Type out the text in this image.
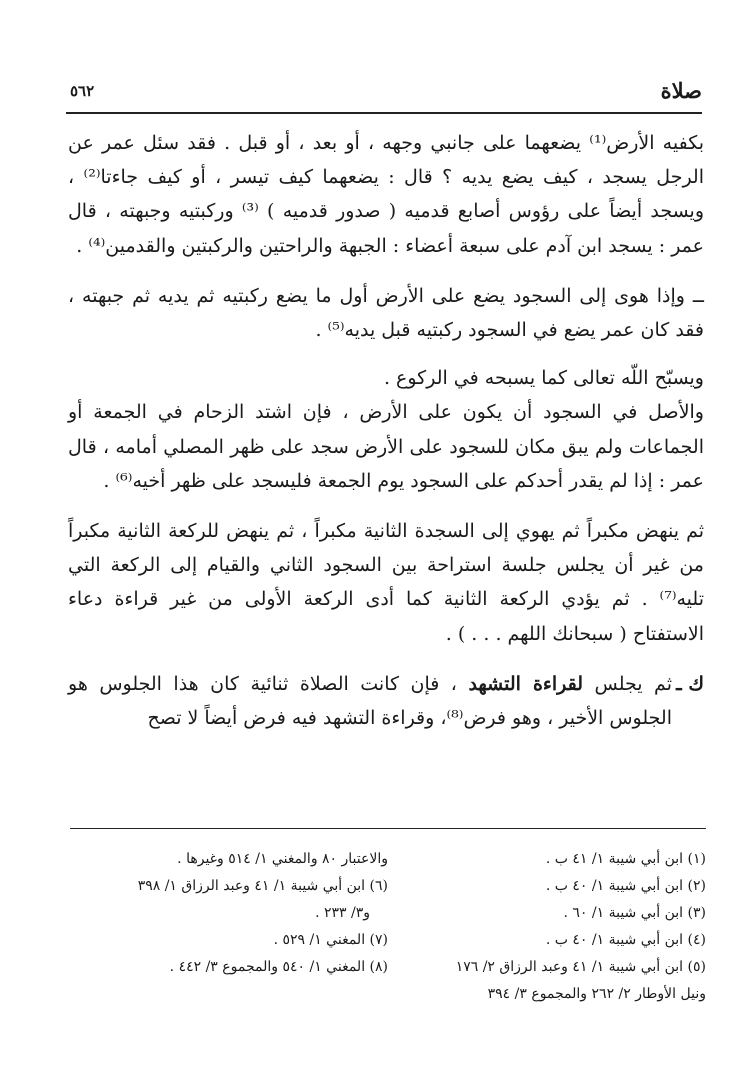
صلاة
٥٦٢

بكفيه الأرض⁽¹⁾ يضعهما على جانبي وجهه ، أو بعد ، أو قبل . فقد سئل عمر عن الرجل يسجد ، كيف يضع يديه ؟ قال : يضعهما كيف تيسر ، أو كيف جاءتا⁽²⁾ ، ويسجد أيضاً على رؤوس أصابع قدميه ( صدور قدميه ) ⁽³⁾ وركبتيه وجبهته ، قال عمر : يسجد ابن آدم على سبعة أعضاء : الجبهة والراحتين والركبتين والقدمين⁽⁴⁾ .

ــ وإذا هوى إلى السجود يضع على الأرض أول ما يضع ركبتيه ثم يديه ثم جبهته ، فقد كان عمر يضع في السجود ركبتيه قبل يديه⁽⁵⁾ .

ويسبّح اللّه تعالى كما يسبحه في الركوع .

والأصل في السجود أن يكون على الأرض ، فإن اشتد الزحام في الجمعة أو الجماعات ولم يبق مكان للسجود على الأرض سجد على ظهر المصلي أمامه ، قال عمر : إذا لم يقدر أحدكم على السجود يوم الجمعة فليسجد على ظهر أخيه⁽⁶⁾ .

ثم ينهض مكبراً ثم يهوي إلى السجدة الثانية مكبراً ، ثم ينهض للركعة الثانية مكبراً من غير أن يجلس جلسة استراحة بين السجود الثاني والقيام إلى الركعة التي تليه⁽⁷⁾ . ثم يؤدي الركعة الثانية كما أدى الركعة الأولى من غير قراءة دعاء الاستفتاح ( سبحانك اللهم . . . ) .

ك ـ
ثم يجلس لقراءة التشهد ، فإن كانت الصلاة ثنائية كان هذا الجلوس هو الجلوس الأخير ، وهو فرض⁽⁸⁾، وقراءة التشهد فيه فرض أيضاً لا تصح

(١) ابن أبي شيبة ١/ ٤١ ب .
(٢) ابن أبي شيبة ١/ ٤٠ ب .
(٣) ابن أبي شيبة ١/ ٦٠ .
(٤) ابن أبي شيبة ١/ ٤٠ ب .
(٥) ابن أبي شيبة ١/ ٤١ وعبد الرزاق ٢/ ١٧٦
ونيل الأوطار ٢/ ٢٦٢ والمجموع ٣/ ٣٩٤
والاعتبار ٨٠ والمغني ١/ ٥١٤ وغيرها .
(٦) ابن أبي شيبة ١/ ٤١ وعبد الرزاق ١/ ٣٩٨
و٣/ ٢٣٣ .
(٧) المغني ١/ ٥٢٩ .
(٨) المغني ١/ ٥٤٠ والمجموع ٣/ ٤٤٢ .
